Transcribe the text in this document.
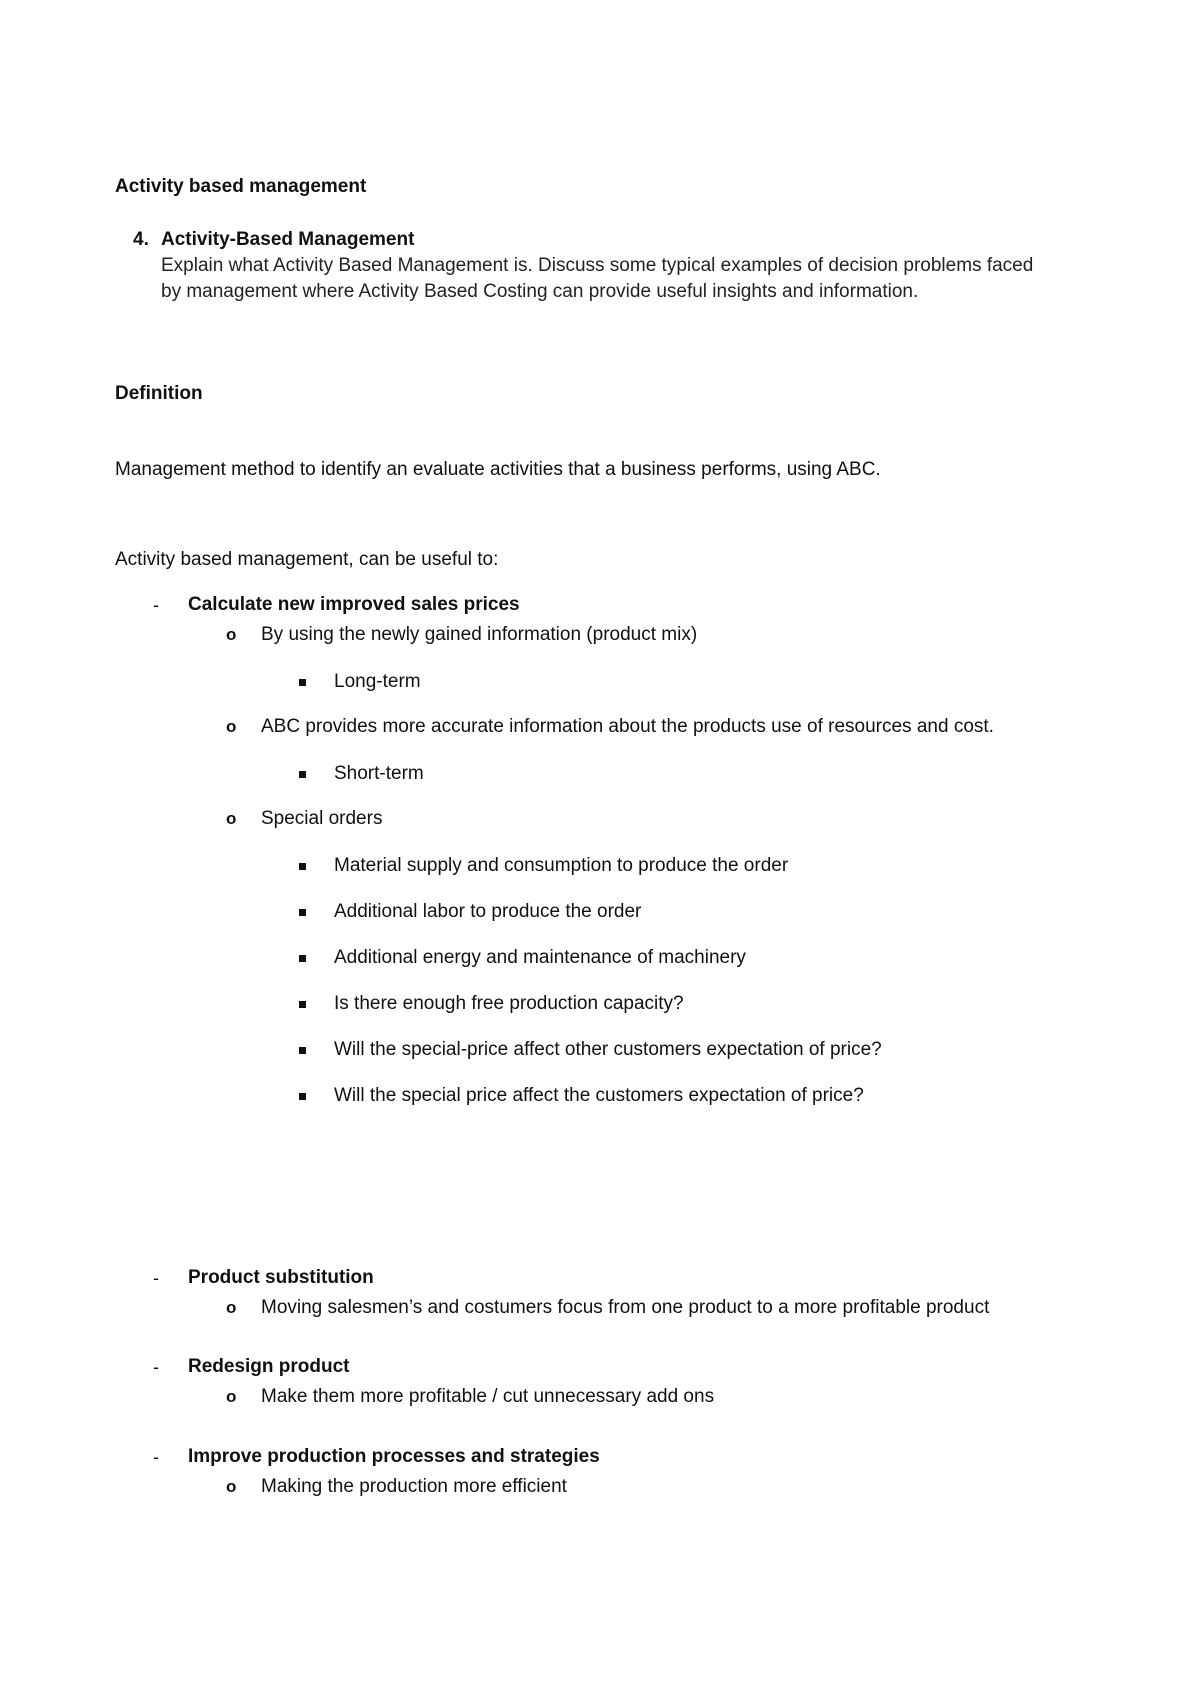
Activity based management
4. Activity-Based Management
Explain what Activity Based Management is. Discuss some typical examples of decision problems faced
by management where Activity Based Costing can provide useful insights and information.
Definition
Management method to identify an evaluate activities that a business performs, using ABC.
Activity based management, can be useful to:
- Calculate new improved sales prices
o By using the newly gained information (product mix)
Long-term
o ABC provides more accurate information about the products use of resources and cost.
Short-term
o Special orders
Material supply and consumption to produce the order
Additional labor to produce the order
Additional energy and maintenance of machinery
Is there enough free production capacity?
Will the special-price affect other customers expectation of price?
Will the special price affect the customers expectation of price?
- Product substitution
o Moving salesmen’s and costumers focus from one product to a more profitable product
- Redesign product
o Make them more profitable / cut unnecessary add ons
- Improve production processes and strategies
o Making the production more efficient
